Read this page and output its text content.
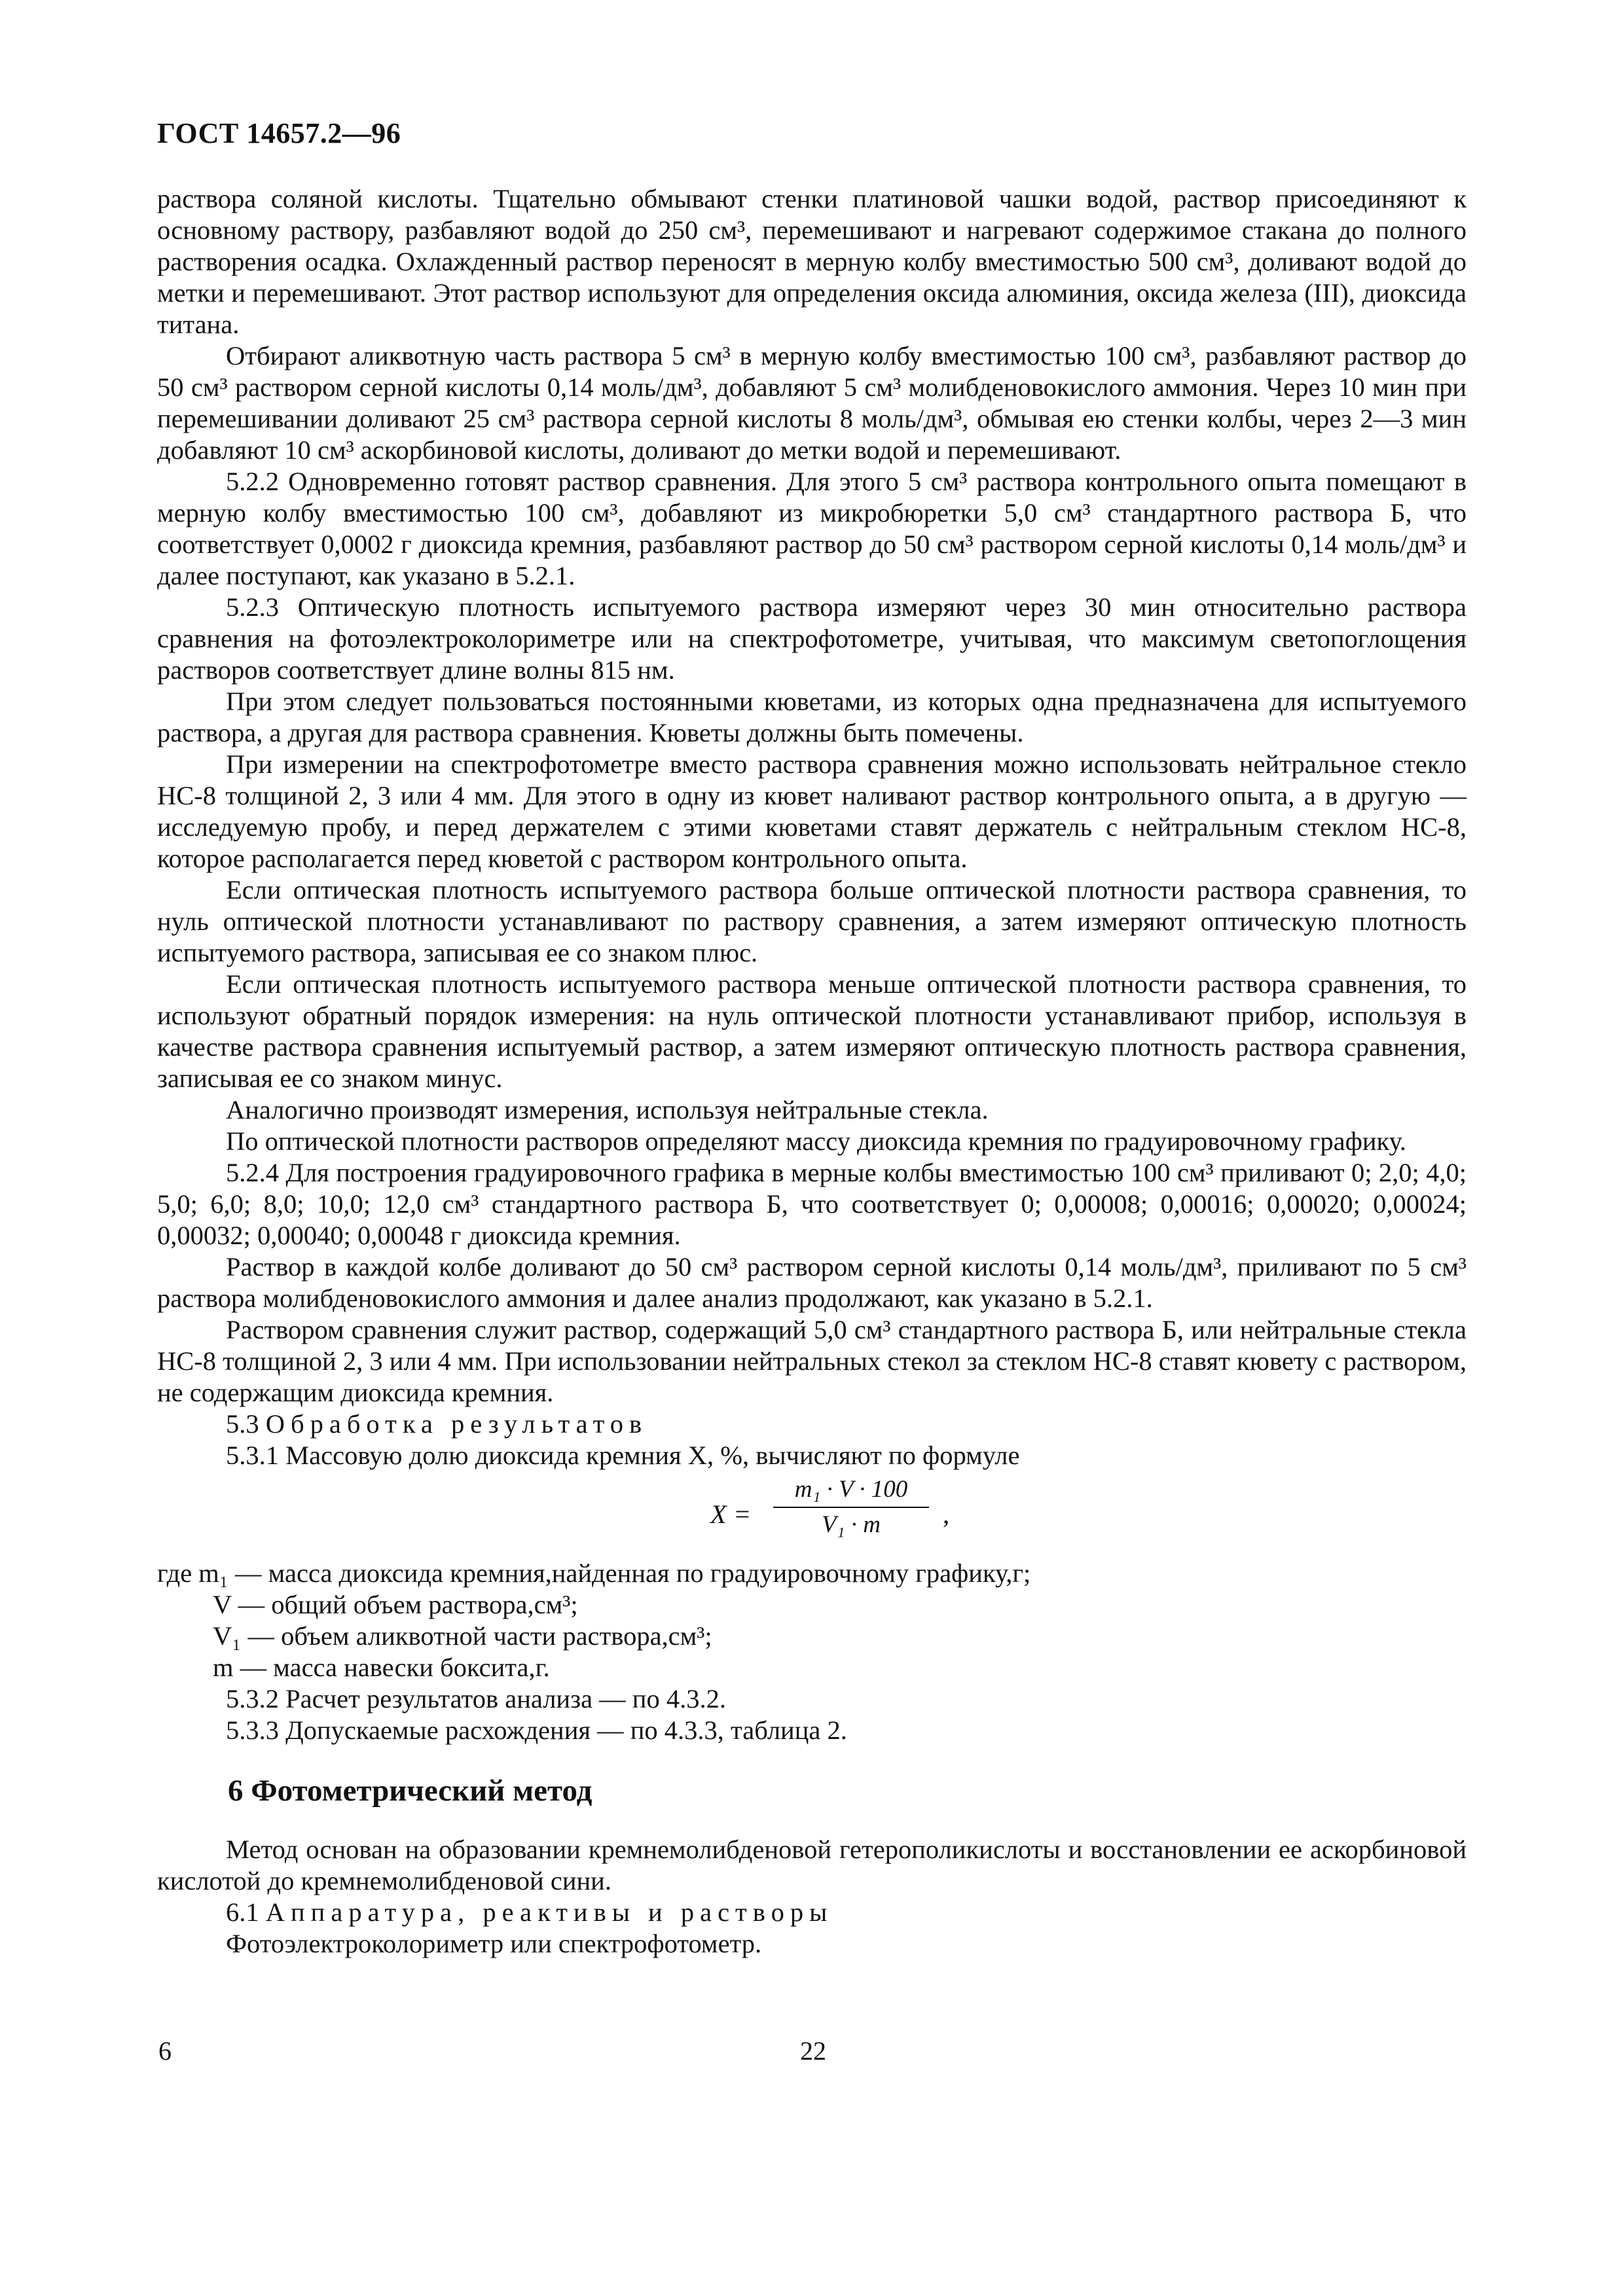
ГОСТ 14657.2—96

раствора соляной кислоты. Тщательно обмывают стенки платиновой чашки водой, раствор присоединяют к основному раствору, разбавляют водой до 250 см³, перемешивают и нагревают содержимое стакана до полного растворения осадка. Охлажденный раствор переносят в мерную колбу вместимостью 500 см³, доливают водой до метки и перемешивают. Этот раствор используют для определения оксида алюминия, оксида железа (III), диоксида титана.

Отбирают аликвотную часть раствора 5 см³ в мерную колбу вместимостью 100 см³, разбавляют раствор до 50 см³ раствором серной кислоты 0,14 моль/дм³, добавляют 5 см³ молибденовокислого аммония. Через 10 мин при перемешивании доливают 25 см³ раствора серной кислоты 8 моль/дм³, обмывая ею стенки колбы, через 2—3 мин добавляют 10 см³ аскорбиновой кислоты, доливают до метки водой и перемешивают.

5.2.2 Одновременно готовят раствор сравнения. Для этого 5 см³ раствора контрольного опыта помещают в мерную колбу вместимостью 100 см³, добавляют из микробюретки 5,0 см³ стандартного раствора Б, что соответствует 0,0002 г диоксида кремния, разбавляют раствор до 50 см³ раствором серной кислоты 0,14 моль/дм³ и далее поступают, как указано в 5.2.1.

5.2.3 Оптическую плотность испытуемого раствора измеряют через 30 мин относительно раствора сравнения на фотоэлектроколориметре или на спектрофотометре, учитывая, что максимум светопоглощения растворов соответствует длине волны 815 нм.

При этом следует пользоваться постоянными кюветами, из которых одна предназначена для испытуемого раствора, а другая для раствора сравнения. Кюветы должны быть помечены.

При измерении на спектрофотометре вместо раствора сравнения можно использовать нейтральное стекло НС-8 толщиной 2, 3 или 4 мм. Для этого в одну из кювет наливают раствор контрольного опыта, а в другую — исследуемую пробу, и перед держателем с этими кюветами ставят держатель с нейтральным стеклом НС-8, которое располагается перед кюветой с раствором контрольного опыта.

Если оптическая плотность испытуемого раствора больше оптической плотности раствора сравнения, то нуль оптической плотности устанавливают по раствору сравнения, а затем измеряют оптическую плотность испытуемого раствора, записывая ее со знаком плюс.

Если оптическая плотность испытуемого раствора меньше оптической плотности раствора сравнения, то используют обратный порядок измерения: на нуль оптической плотности устанавливают прибор, используя в качестве раствора сравнения испытуемый раствор, а затем измеряют оптическую плотность раствора сравнения, записывая ее со знаком минус.

Аналогично производят измерения, используя нейтральные стекла.

По оптической плотности растворов определяют массу диоксида кремния по градуировочному графику.

5.2.4 Для построения градуировочного графика в мерные колбы вместимостью 100 см³ приливают 0; 2,0; 4,0; 5,0; 6,0; 8,0; 10,0; 12,0 см³ стандартного раствора Б, что соответствует 0; 0,00008; 0,00016; 0,00020; 0,00024; 0,00032; 0,00040; 0,00048 г диоксида кремния.

Раствор в каждой колбе доливают до 50 см³ раствором серной кислоты 0,14 моль/дм³, приливают по 5 см³ раствора молибденовокислого аммония и далее анализ продолжают, как указано в 5.2.1.

Раствором сравнения служит раствор, содержащий 5,0 см³ стандартного раствора Б, или нейтральные стекла НС-8 толщиной 2, 3 или 4 мм. При использовании нейтральных стекол за стеклом НС-8 ставят кювету с раствором, не содержащим диоксида кремния.

5.3 Обработка результатов

5.3.1 Массовую долю диоксида кремния X, %, вычисляют по формуле

X =
m₁ · V · 100
V₁ · m	,

где m₁ — масса диоксида кремния,найденная по градуировочному графику,г;

V — общий объем раствора,см³;

V₁ — объем аликвотной части раствора,см³;

m — масса навески боксита,г.

5.3.2 Расчет результатов анализа — по 4.3.2.

5.3.3 Допускаемые расхождения — по 4.3.3, таблица 2.

6 Фотометрический метод

Метод основан на образовании кремнемолибденовой гетерополикислоты и восстановлении ее аскорбиновой кислотой до кремнемолибденовой сини.

6.1 Аппаратура, реактивы и растворы

Фотоэлектроколориметр или спектрофотометр.

6	22
